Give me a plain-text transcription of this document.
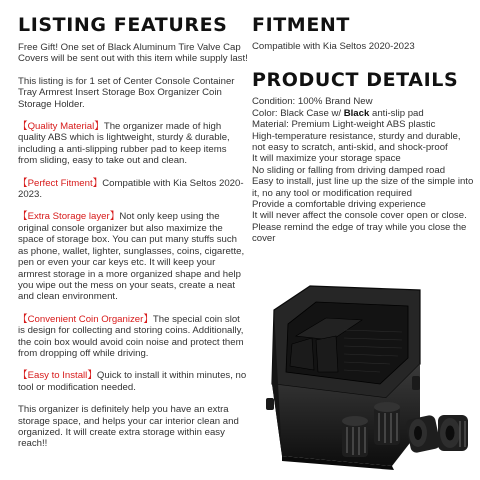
LISTING FEATURES

Free Gift! One set of Black Aluminum Tire Valve Cap Covers will be sent out with this item while supply last!

This listing is for 1 set of Center Console Container Tray Armrest Insert Storage Box Organizer Coin Storage Holder.

【Quality Material】The organizer made of high quality ABS which is lightweight, sturdy & durable, including a anti-slipping rubber pad to keep items from sliding, easy to take out and clean.

【Perfect Fitment】Compatible with Kia Seltos 2020-2023.

【Extra Storage layer】Not only keep using the original console organizer but also maximize the space of storage box. You can put many stuffs such as phone, wallet, lighter, sunglasses, coins, cigarette, pen or even your car keys etc. It will keep your armrest storage in a more organized shape and help you wipe out the mess on your seats, create a neat and clean environment.

【Convenient Coin Organizer】The special coin slot is design for collecting and storing coins. Additionally, the coin box would avoid coin noise and protect them from dropping off while driving.

【Easy to Install】Quick to install it within minutes, no tool or modification needed.

This organizer is definitely help you have an extra storage space, and helps your car interior clean and organized. It will create extra storage within easy reach!!

FITMENT

Compatible with Kia Seltos 2020-2023

PRODUCT DETAILS
Condition: 100% Brand New
Color: Black Case w/ Black anti-slip pad
Material: Premium Light-weight ABS plastic
High-temperature resistance, sturdy and durable, not easy to scratch, anti-skid, and shock-proof
It will maximize your storage space
No sliding or falling from driving damped road
Easy to install, just line up the size of the simple into it, no any tool or modification required
Provide a comfortable driving experience
It will never affect the console cover open or close. Please remind the edge of tray while you close the cover
